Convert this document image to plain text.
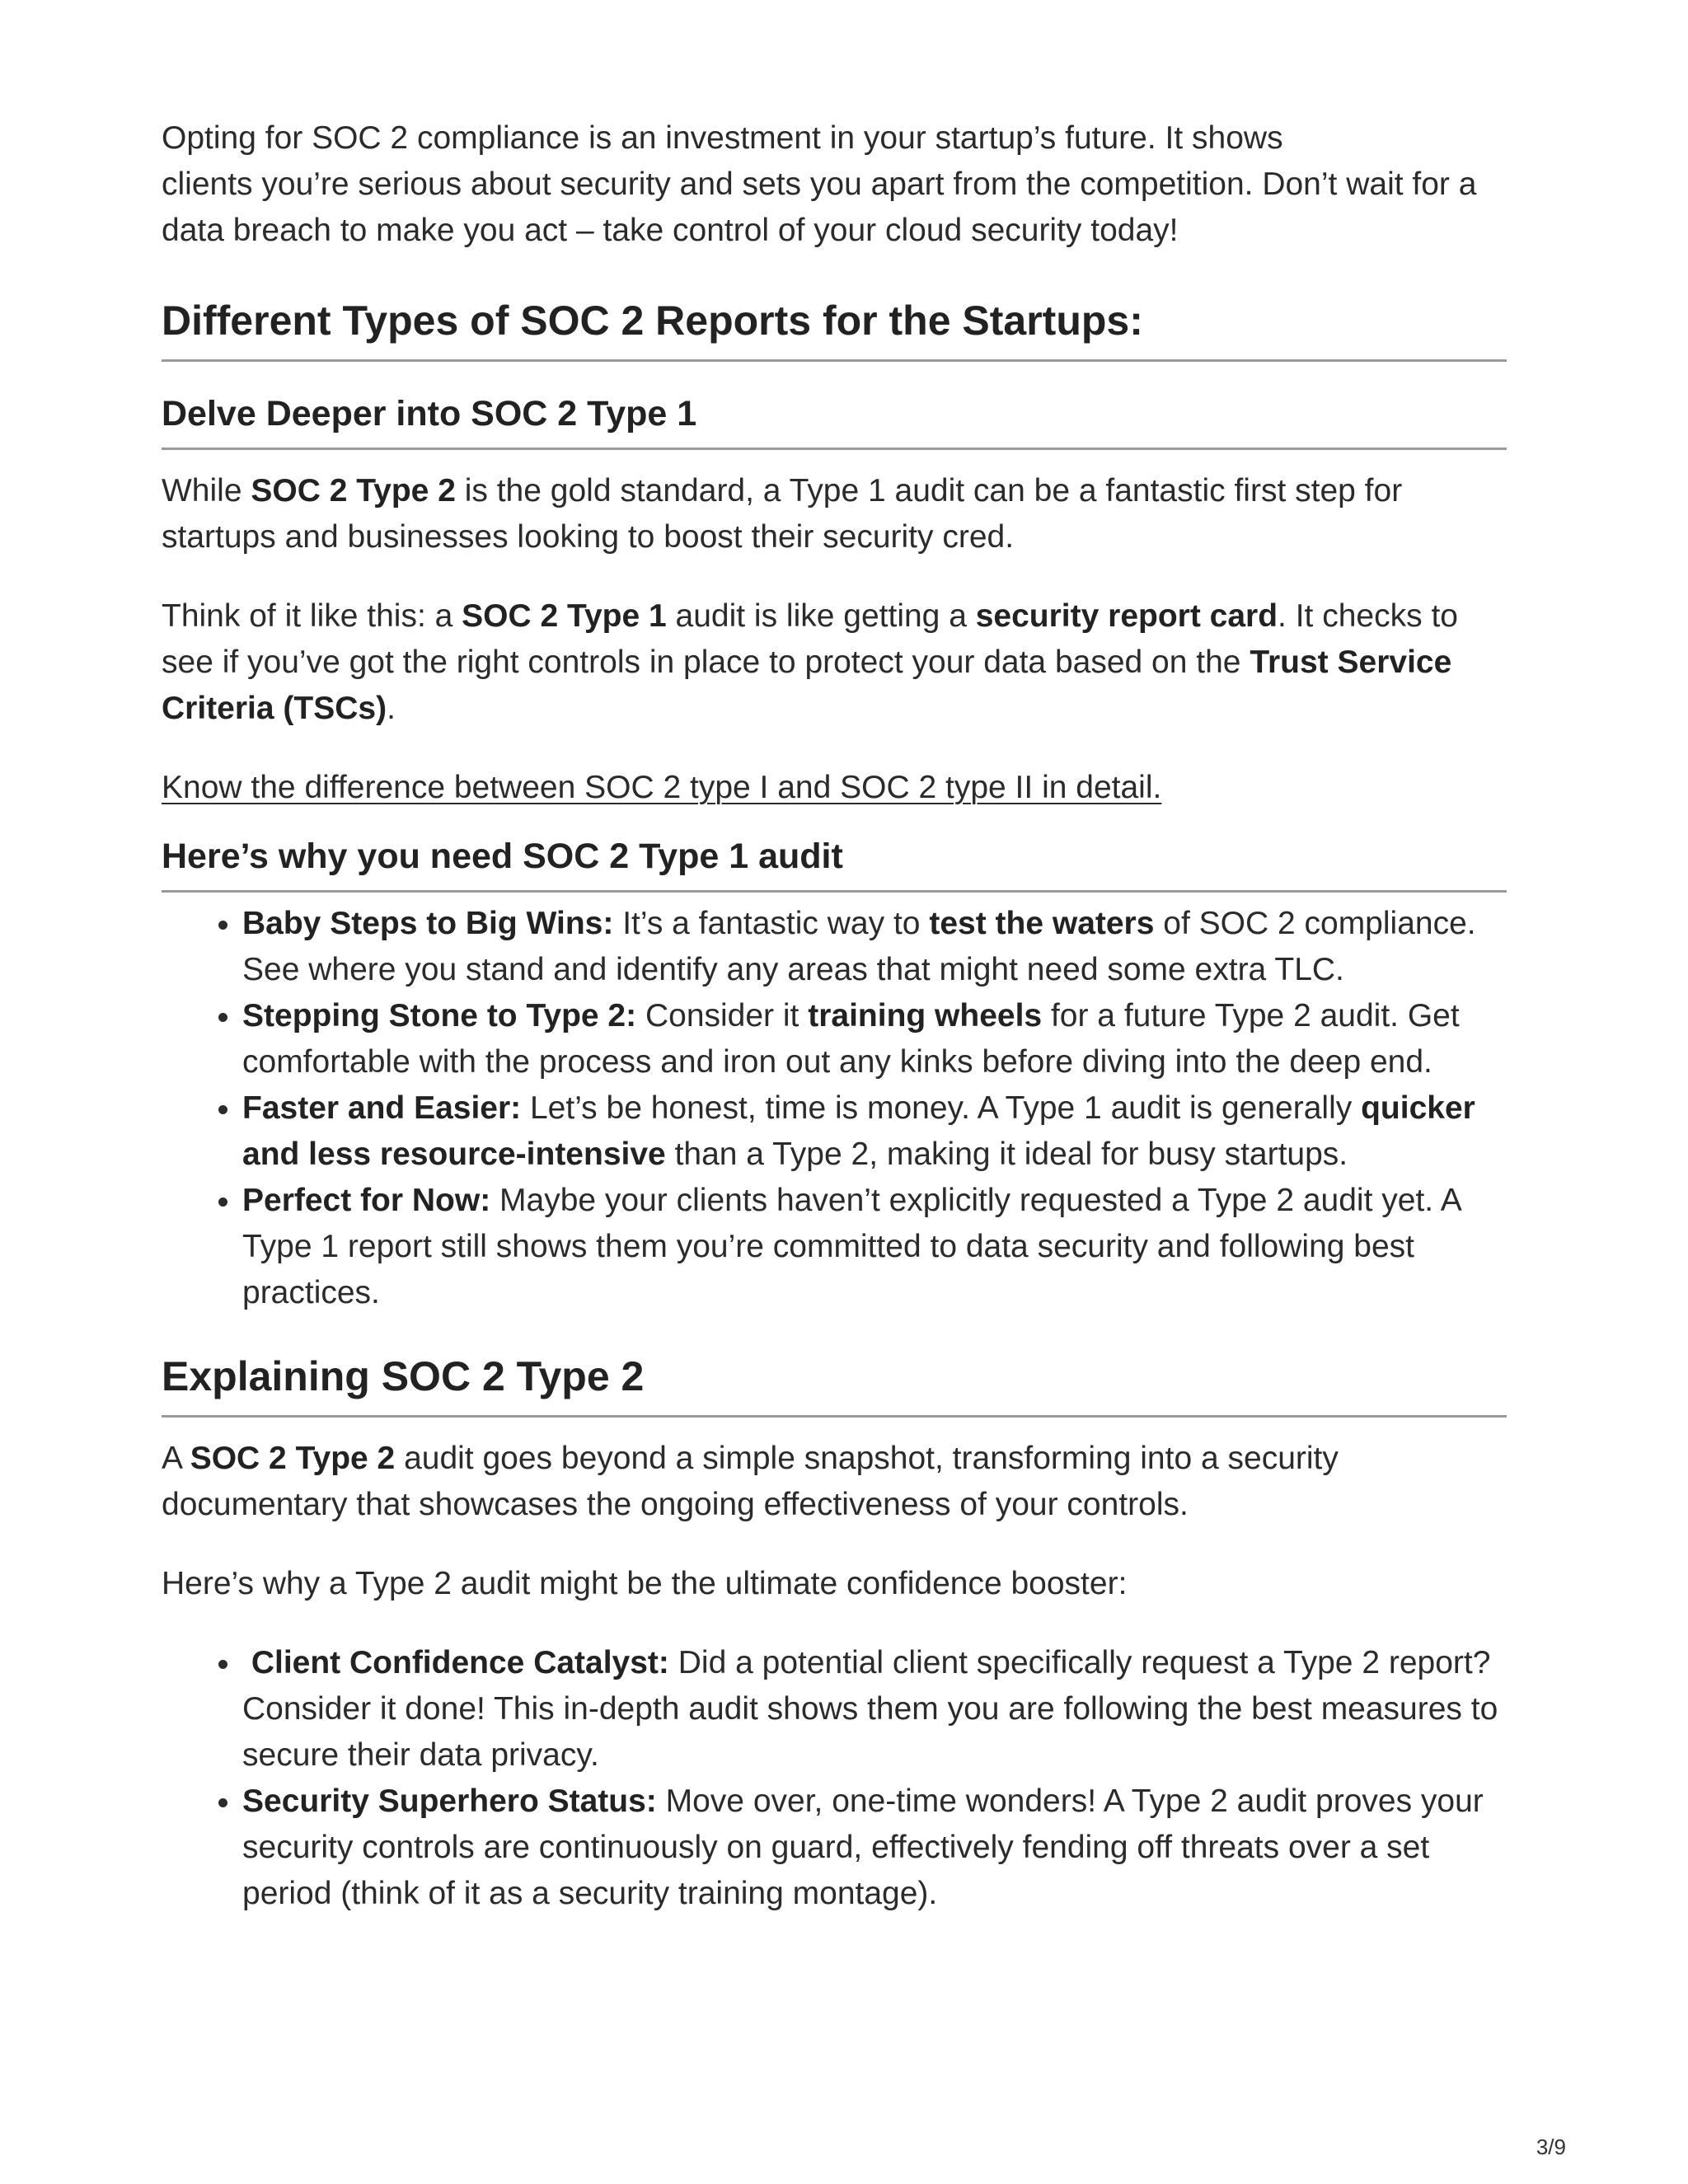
Opting for SOC 2 compliance is an investment in your startup’s future. It shows
clients you’re serious about security and sets you apart from the competition. Don’t wait for a data breach to make you act – take control of your cloud security today!

Different Types of SOC 2 Reports for the Startups:
Delve Deeper into SOC 2 Type 1

While SOC 2 Type 2 is the gold standard, a Type 1 audit can be a fantastic first step for startups and businesses looking to boost their security cred.

Think of it like this: a SOC 2 Type 1 audit is like getting a security report card. It checks to see if you’ve got the right controls in place to protect your data based on the Trust Service Criteria (TSCs).

Know the difference between SOC 2 type I and SOC 2 type II in detail.

Here’s why you need SOC 2 Type 1 audit
• Baby Steps to Big Wins: It’s a fantastic way to test the waters of SOC 2 compliance. See where you stand and identify any areas that might need some extra TLC.
• Stepping Stone to Type 2: Consider it training wheels for a future Type 2 audit. Get comfortable with the process and iron out any kinks before diving into the deep end.
• Faster and Easier: Let’s be honest, time is money. A Type 1 audit is generally quicker and less resource-intensive than a Type 2, making it ideal for busy startups.
• Perfect for Now: Maybe your clients haven’t explicitly requested a Type 2 audit yet. A Type 1 report still shows them you’re committed to data security and following best practices.
Explaining SOC 2 Type 2

A SOC 2 Type 2 audit goes beyond a simple snapshot, transforming into a security documentary that showcases the ongoing effectiveness of your controls.

Here’s why a Type 2 audit might be the ultimate confidence booster:

•  Client Confidence Catalyst: Did a potential client specifically request a Type 2 report? Consider it done! This in-depth audit shows them you are following the best measures to secure their data privacy.
• Security Superhero Status: Move over, one-time wonders! A Type 2 audit proves your security controls are continuously on guard, effectively fending off threats over a set period (think of it as a security training montage).
3/9
